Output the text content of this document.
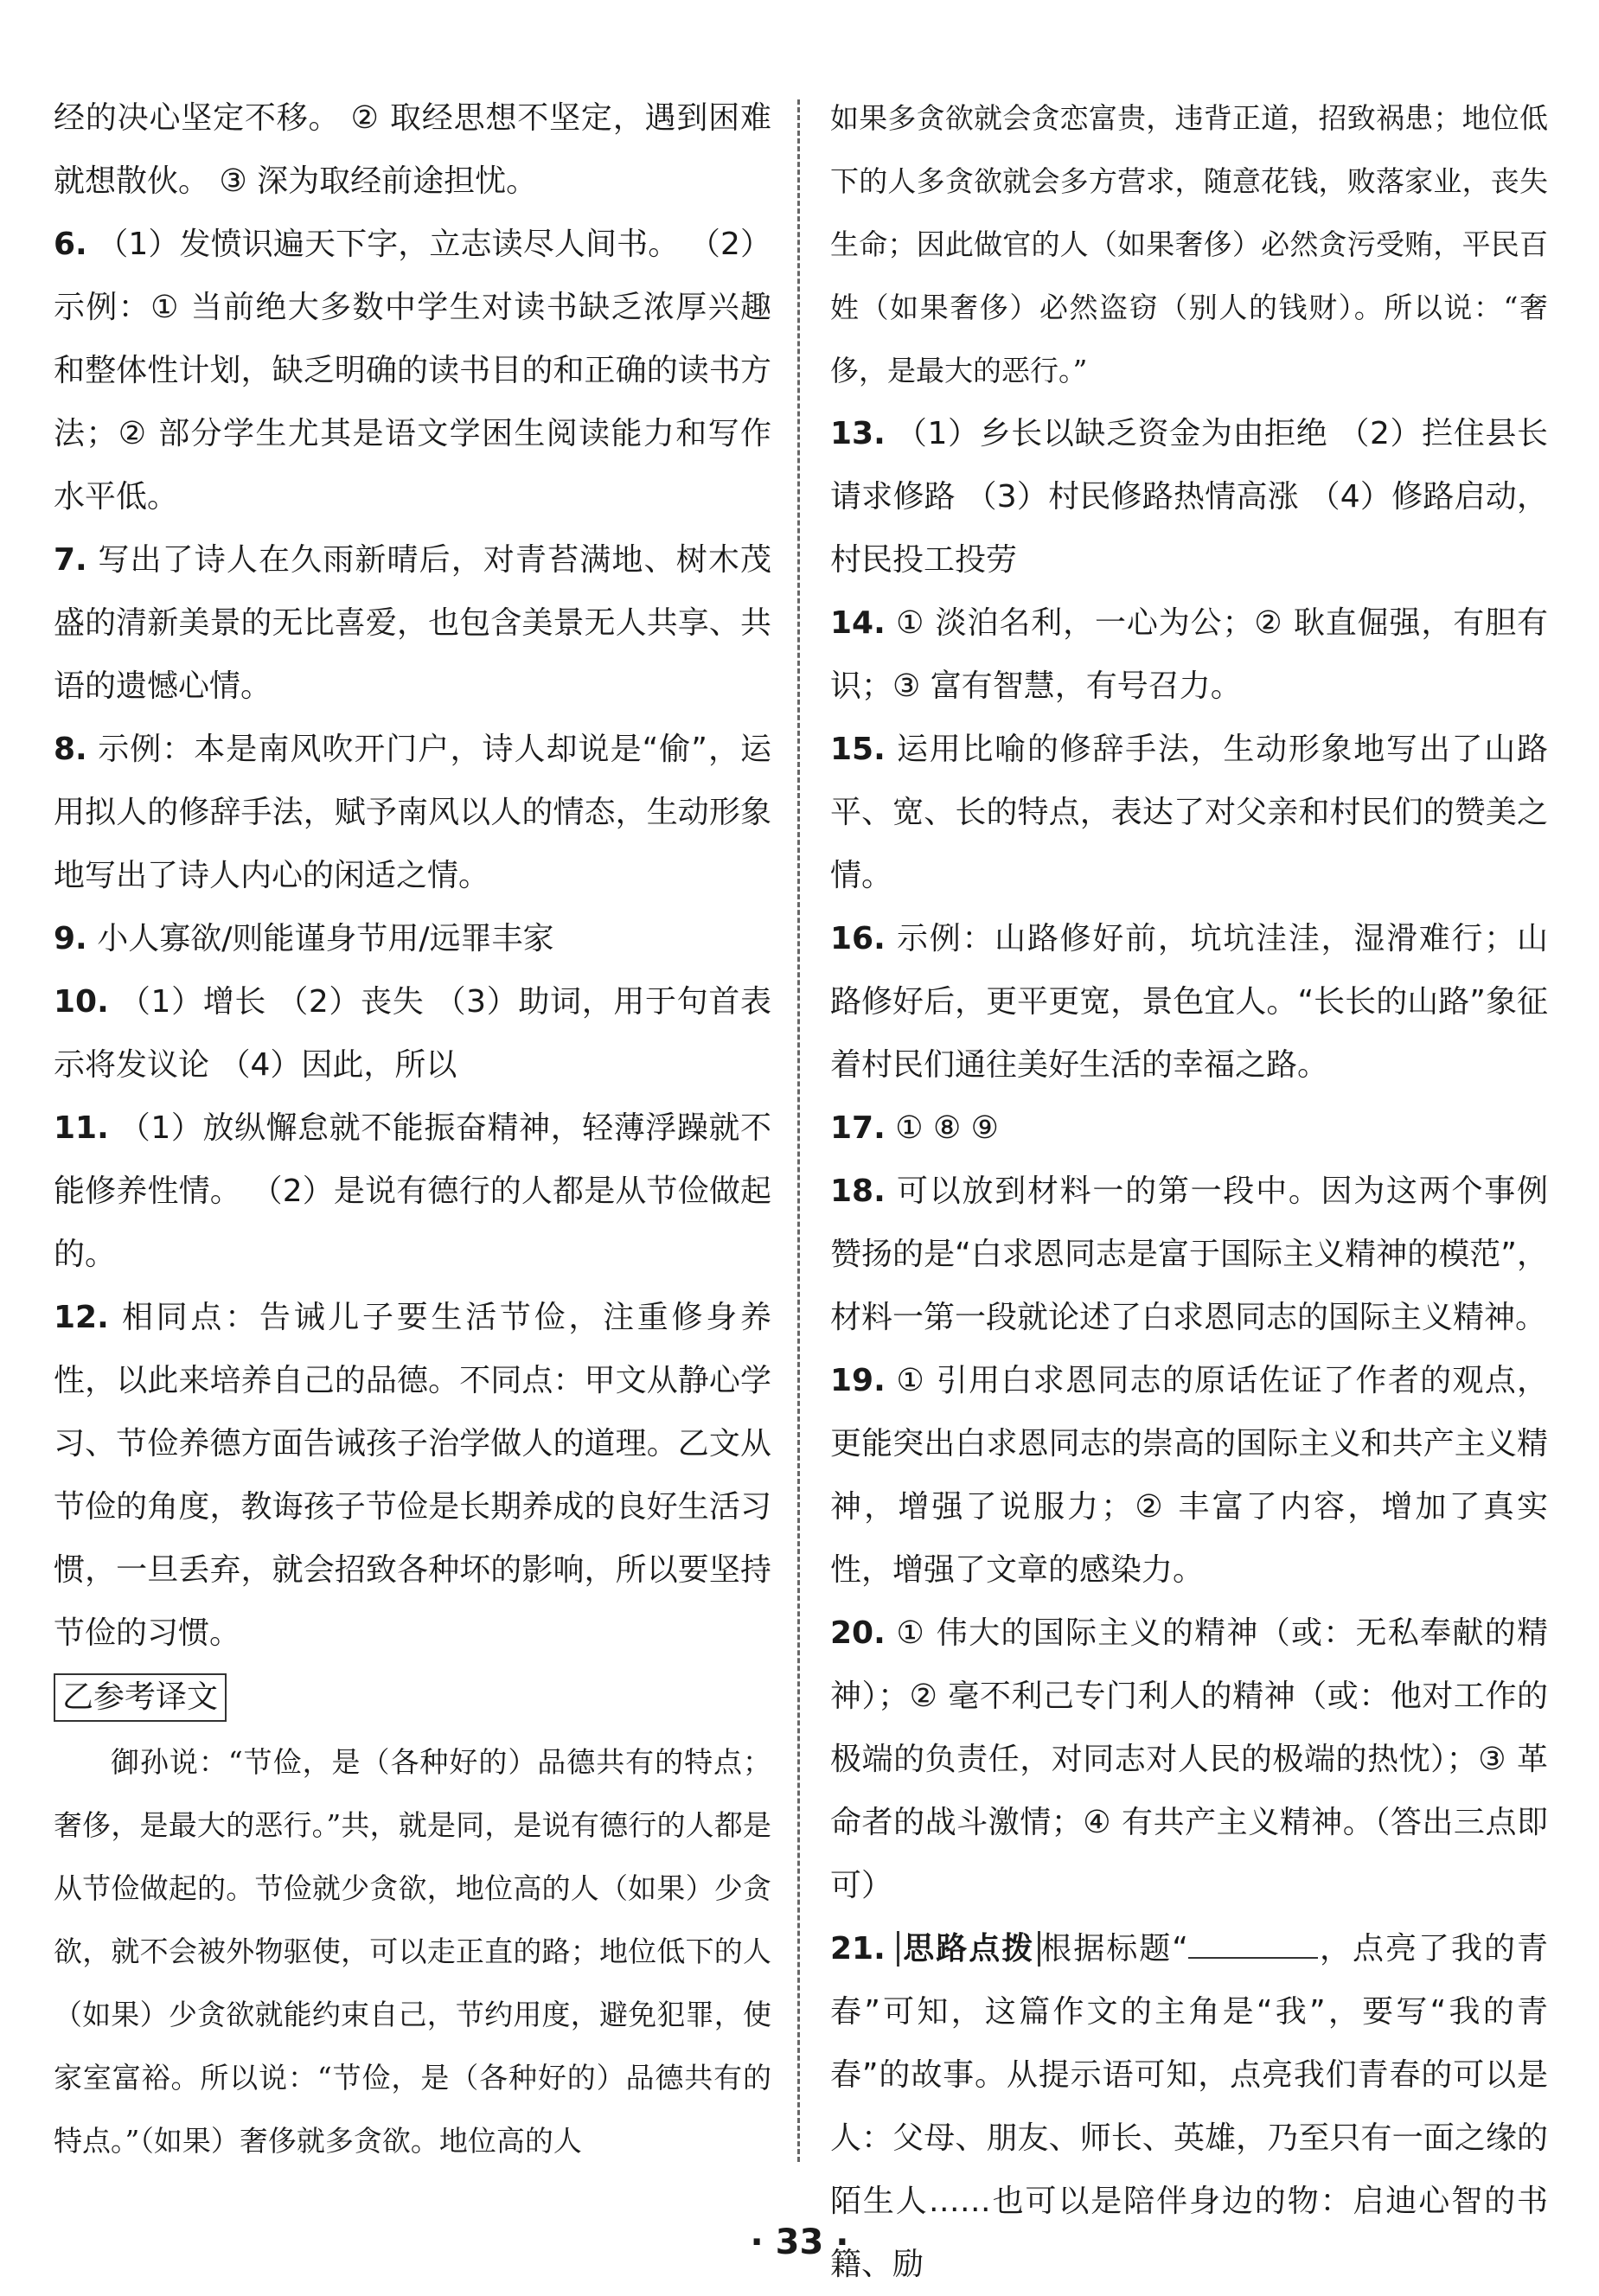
经的决心坚定不移。 ② 取经思想不坚定，遇到困难就想散伙。 ③ 深为取经前途担忧。

6. （1）发愤识遍天下字，立志读尽人间书。 （2）示例：① 当前绝大多数中学生对读书缺乏浓厚兴趣和整体性计划，缺乏明确的读书目的和正确的读书方法；② 部分学生尤其是语文学困生阅读能力和写作水平低。

7. 写出了诗人在久雨新晴后，对青苔满地、树木茂盛的清新美景的无比喜爱，也包含美景无人共享、共语的遗憾心情。

8. 示例：本是南风吹开门户，诗人却说是“偷”，运用拟人的修辞手法，赋予南风以人的情态，生动形象地写出了诗人内心的闲适之情。

9. 小人寡欲/则能谨身节用/远罪丰家

10. （1）增长 （2）丧失 （3）助词，用于句首表示将发议论 （4）因此，所以

11. （1）放纵懈怠就不能振奋精神，轻薄浮躁就不能修养性情。 （2）是说有德行的人都是从节俭做起的。

12. 相同点：告诫儿子要生活节俭，注重修身养性，以此来培养自己的品德。不同点：甲文从静心学习、节俭养德方面告诫孩子治学做人的道理。乙文从节俭的角度，教诲孩子节俭是长期养成的良好生活习惯，一旦丢弃，就会招致各种坏的影响，所以要坚持节俭的习惯。

乙参考译文

御孙说：“节俭，是（各种好的）品德共有的特点；奢侈，是最大的恶行。”共，就是同，是说有德行的人都是从节俭做起的。节俭就少贪欲，地位高的人（如果）少贪欲，就不会被外物驱使，可以走正直的路；地位低下的人（如果）少贪欲就能约束自己，节约用度，避免犯罪，使家室富裕。所以说：“节俭，是（各种好的）品德共有的特点。”（如果）奢侈就多贪欲。地位高的人

如果多贪欲就会贪恋富贵，违背正道，招致祸患；地位低下的人多贪欲就会多方营求，随意花钱，败落家业，丧失生命；因此做官的人（如果奢侈）必然贪污受贿，平民百姓（如果奢侈）必然盗窃（别人的钱财）。所以说：“奢侈，是最大的恶行。”

13. （1）乡长以缺乏资金为由拒绝 （2）拦住县长请求修路 （3）村民修路热情高涨 （4）修路启动，村民投工投劳

14. ① 淡泊名利，一心为公；② 耿直倔强，有胆有识；③ 富有智慧，有号召力。

15. 运用比喻的修辞手法，生动形象地写出了山路平、宽、长的特点，表达了对父亲和村民们的赞美之情。

16. 示例：山路修好前，坑坑洼洼，湿滑难行；山路修好后，更平更宽，景色宜人。“长长的山路”象征着村民们通往美好生活的幸福之路。

17. ① ⑧ ⑨

18. 可以放到材料一的第一段中。因为这两个事例赞扬的是“白求恩同志是富于国际主义精神的模范”，材料一第一段就论述了白求恩同志的国际主义精神。

19. ① 引用白求恩同志的原话佐证了作者的观点，更能突出白求恩同志的崇高的国际主义和共产主义精神，增强了说服力；② 丰富了内容，增加了真实性，增强了文章的感染力。

20. ① 伟大的国际主义的精神（或：无私奉献的精神）；② 毫不利己专门利人的精神（或：他对工作的极端的负责任，对同志对人民的极端的热忱）；③ 革命者的战斗激情；④ 有共产主义精神。（答出三点即可）

21. 思路点拨 根据标题“	，点亮了我的青春”可知，这篇作文的主角是“我”，要写“我的青春”的故事。从提示语可知，点亮我们青春的可以是人：父母、朋友、师长、英雄，乃至只有一面之缘的陌生人……也可以是陪伴身边的物：启迪心智的书籍、励

· 33 ·
